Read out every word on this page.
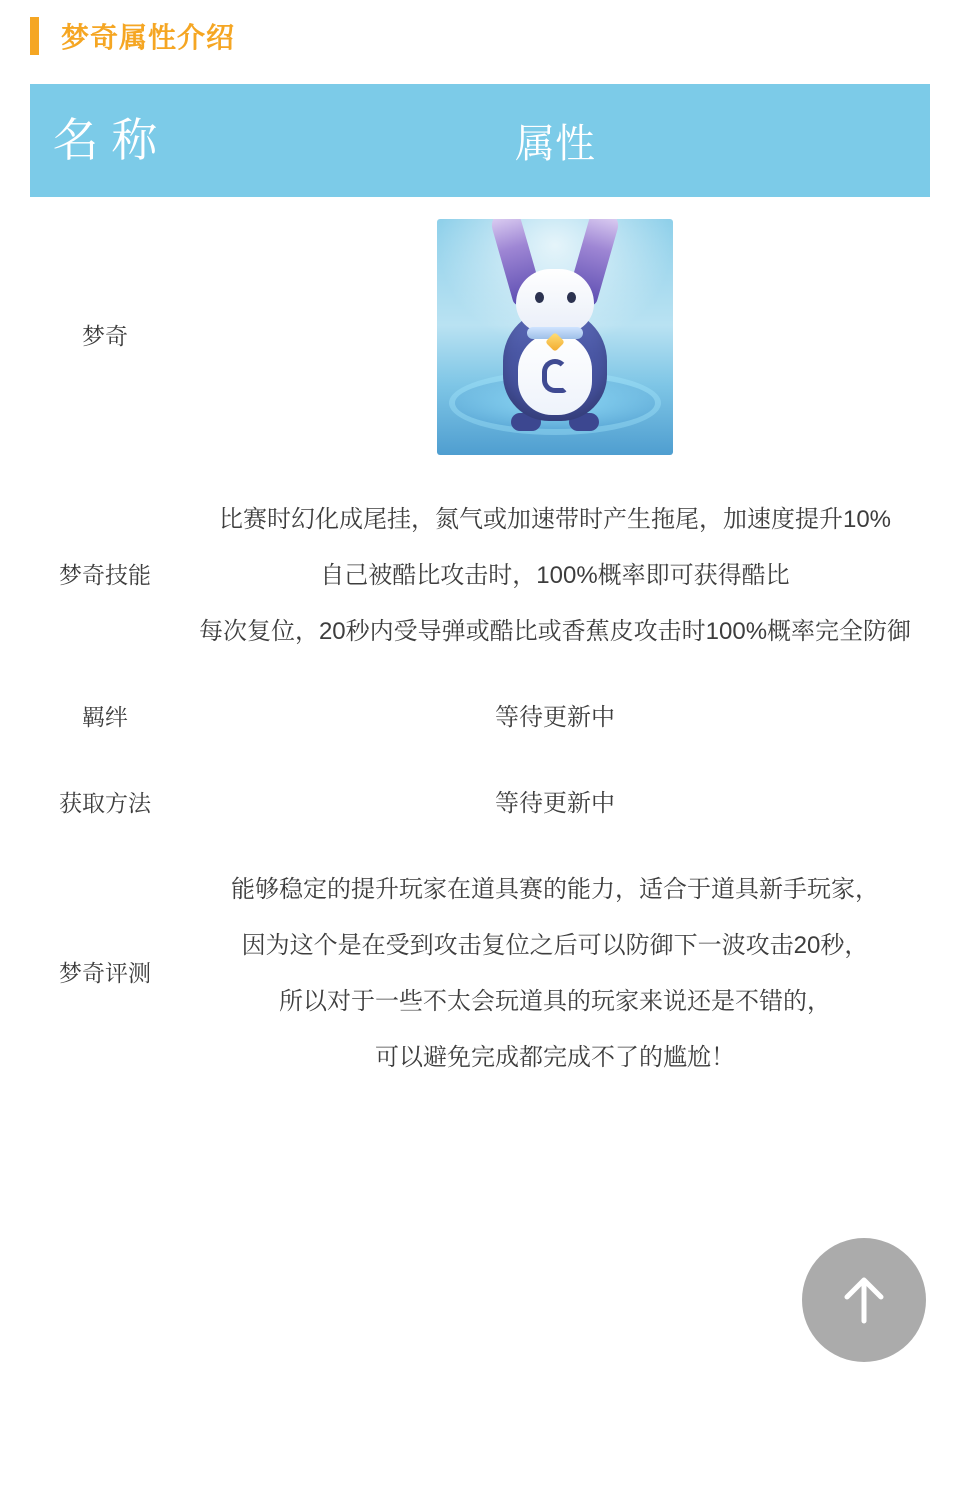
梦奇属性介绍
名 称	属性
梦奇	

梦奇技能	比赛时幻化成尾挂，氮气或加速带时产生拖尾，加速度提升10%

自己被酷比攻击时，100%概率即可获得酷比

每次复位，20秒内受导弹或酷比或香蕉皮攻击时100%概率完全防御

羁绊	等待更新中

获取方法	等待更新中

梦奇评测	能够稳定的提升玩家在道具赛的能力，适合于道具新手玩家，

因为这个是在受到攻击复位之后可以防御下一波攻击20秒，

所以对于一些不太会玩道具的玩家来说还是不错的，

可以避免完成都完成不了的尴尬！
